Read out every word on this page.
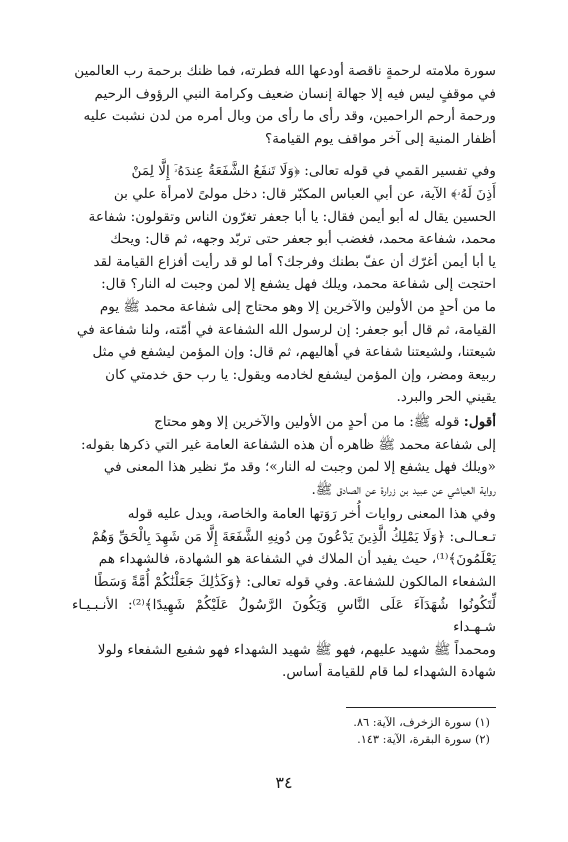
سورة ملامته لرحمةٍ ناقصة أودعها الله فطرته، فما ظنك برحمة رب العالمين
في موقفٍ ليس فيه إلا جهالة إنسان ضعيف وكرامة النبي الرؤوف الرحيم
ورحمة أرحم الراحمين، وقد رأى ما رأى من وبال أمره من لدن نشبت عليه
أظفار المنية إلى آخر مواقف يوم القيامة؟

وفي تفسير القمي في قوله تعالى: ﴿وَلَا تَنفَعُ الشَّفَعَةُ عِندَهُۥٓ إِلَّا لِمَنْ
أَذِنَ لَهُۥ﴾ الآية، عن أبي العباس المكبّر قال: دخل مولىً لامرأة علي بن
الحسين يقال له أبو أيمن فقال: يا أبا جعفر تغرّون الناس وتقولون: شفاعة
محمد، شفاعة محمد، فغضب أبو جعفر حتى تربّد وجهه، ثم قال: ويحك
يا أبا أيمن أغرّك أن عفّ بطنك وفرجك؟ أما لو قد رأيت أفزاع القيامة لقد
احتجت إلى شفاعة محمد، ويلك فهل يشفع إلا لمن وجبت له النار؟ قال:
ما من أحدٍ من الأولين والآخرين إلا وهو محتاج إلى شفاعة محمد ﷺ يوم
القيامة، ثم قال أبو جعفر: إن لرسول الله الشفاعة في أمّته، ولنا شفاعة في
شيعتنا، ولشيعتنا شفاعة في أهاليهم، ثم قال: وإن المؤمن ليشفع في مثل
ربيعة ومضر، وإن المؤمن ليشفع لخادمه ويقول: يا رب حق خدمتي كان
يقيني الحر والبرد.

أقول: قوله ﷺ: ما من أحدٍ من الأولين والآخرين إلا وهو محتاج
إلى شفاعة محمد ﷺ ظاهره أن هذه الشفاعة العامة غير التي ذكرها بقوله:
«ويلك فهل يشفع إلا لمن وجبت له النار»؛ وقد مرّ نظير هذا المعنى في
رواية العياشي عن عبيد بن زرارة عن الصادق ﷺ.

وفي هذا المعنى روايات أُخر رَوَتها العامة والخاصة، ويدل عليه قوله
تـعـالـى: ﴿وَلَا يَمْلِكُ الَّذِينَ يَدْعُونَ مِن دُونِهِ الشَّفَعَةَ إِلَّا مَن شَهِدَ بِالْحَقِّ وَهُمْ
يَعْلَمُونَ﴾⁽¹⁾، حيث يفيد أن الملاك في الشفاعة هو الشهادة، فالشهداء هم
الشفعاء المالكون للشفاعة. وفي قوله تعالى: ﴿وَكَذَٰلِكَ جَعَلْنَٰكُمْ أُمَّةً وَسَطًا
لِّتَكُونُوا شُهَدَآءَ عَلَى النَّاسِ وَيَكُونَ الرَّسُولُ عَلَيْكُمْ شَهِيدًا﴾⁽²⁾: الأنـبـيـاء شـهـداء
ومحمداً ﷺ شهيد عليهم، فهو ﷺ شهيد الشهداء فهو شفيع الشفعاء ولولا
شهادة الشهداء لما قام للقيامة أساس.

(١) سورة الزخرف، الآية: ٨٦.

(٢) سورة البقرة، الآية: ١٤٣.

٣٤
